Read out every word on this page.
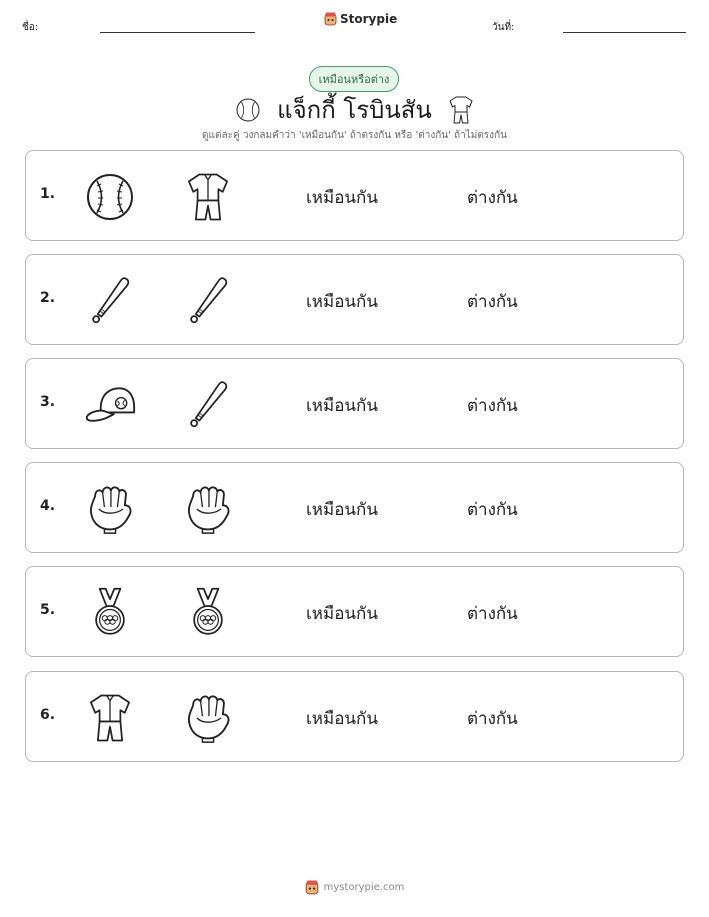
ชื่อ:
Storypie
วันที่:
เหมือนหรือต่าง
แจ็กกี้ โรบินสัน
ดูแต่ละคู่ วงกลมคำว่า 'เหมือนกัน' ถ้าตรงกัน หรือ 'ต่างกัน' ถ้าไม่ตรงกัน
1.	เหมือนกัน	ต่างกัน
2.	เหมือนกัน	ต่างกัน
3.	เหมือนกัน	ต่างกัน
4.	เหมือนกัน	ต่างกัน
5.	เหมือนกัน	ต่างกัน
6.	เหมือนกัน	ต่างกัน
mystorypie.com
